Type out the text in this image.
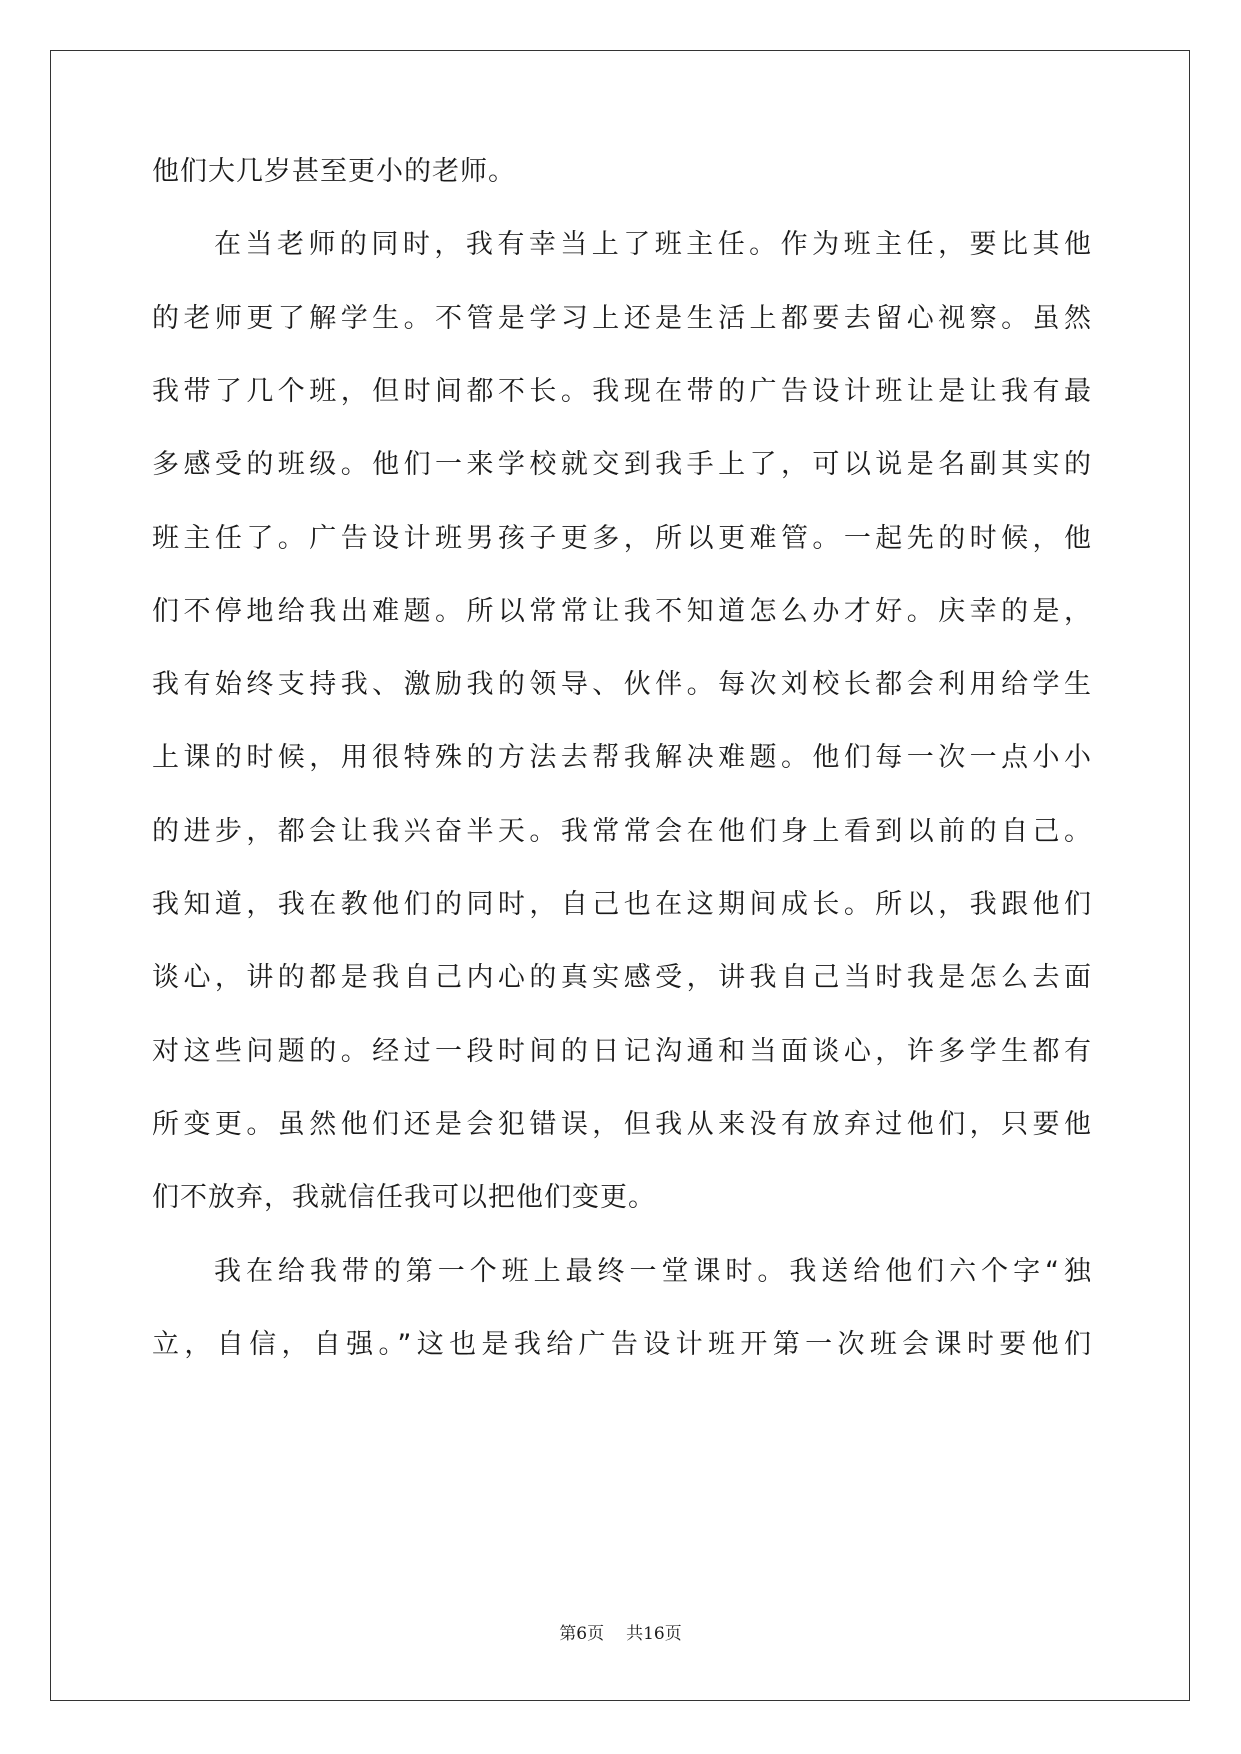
他们大几岁甚至更小的老师。
在当老师的同时，我有幸当上了班主任。作为班主任，要比其他
的老师更了解学生。不管是学习上还是生活上都要去留心视察。虽然
我带了几个班，但时间都不长。我现在带的广告设计班让是让我有最
多感受的班级。他们一来学校就交到我手上了，可以说是名副其实的
班主任了。广告设计班男孩子更多，所以更难管。一起先的时候，他
们不停地给我出难题。所以常常让我不知道怎么办才好。庆幸的是，
我有始终支持我、激励我的领导、伙伴。每次刘校长都会利用给学生
上课的时候，用很特殊的方法去帮我解决难题。他们每一次一点小小
的进步，都会让我兴奋半天。我常常会在他们身上看到以前的自己。
我知道，我在教他们的同时，自己也在这期间成长。所以，我跟他们
谈心，讲的都是我自己内心的真实感受，讲我自己当时我是怎么去面
对这些问题的。经过一段时间的日记沟通和当面谈心，许多学生都有
所变更。虽然他们还是会犯错误，但我从来没有放弃过他们，只要他
们不放弃，我就信任我可以把他们变更。
我在给我带的第一个班上最终一堂课时。我送给他们六个字“独
立，自信，自强。”这也是我给广告设计班开第一次班会课时要他们
第6页 共16页
